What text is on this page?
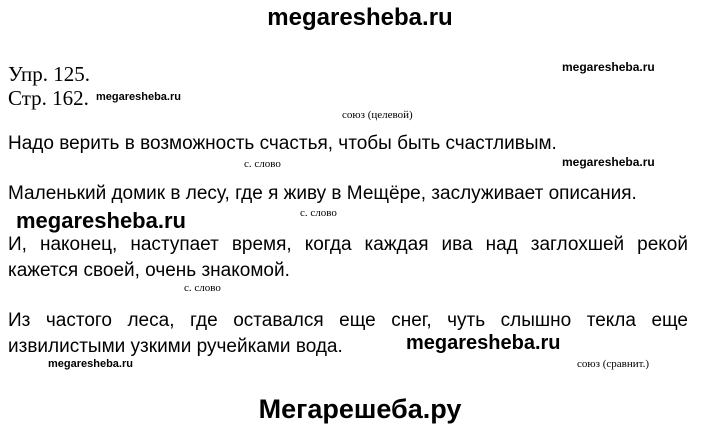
megaresheba.ru
Упр. 125.
Стр. 162.
megaresheba.ru
megaresheba.ru
союз (целевой)
Надо верить в возможность счастья, чтобы быть счастливым.
с. слово	megaresheba.ru
Маленький домик в лесу, где я живу в Мещёре, заслуживает описания.
megaresheba.ru	с. слово
И, наконец, наступает время, когда каждая ива над заглохшей рекой
кажется своей, очень знакомой.
с. слово
Из частого леса, где оставался еще снег, чуть слышно текла еще
извилистыми узкими ручейками вода.	megaresheba.ru
megaresheba.ru	союз (сравнит.)
Мегарешеба.ру
